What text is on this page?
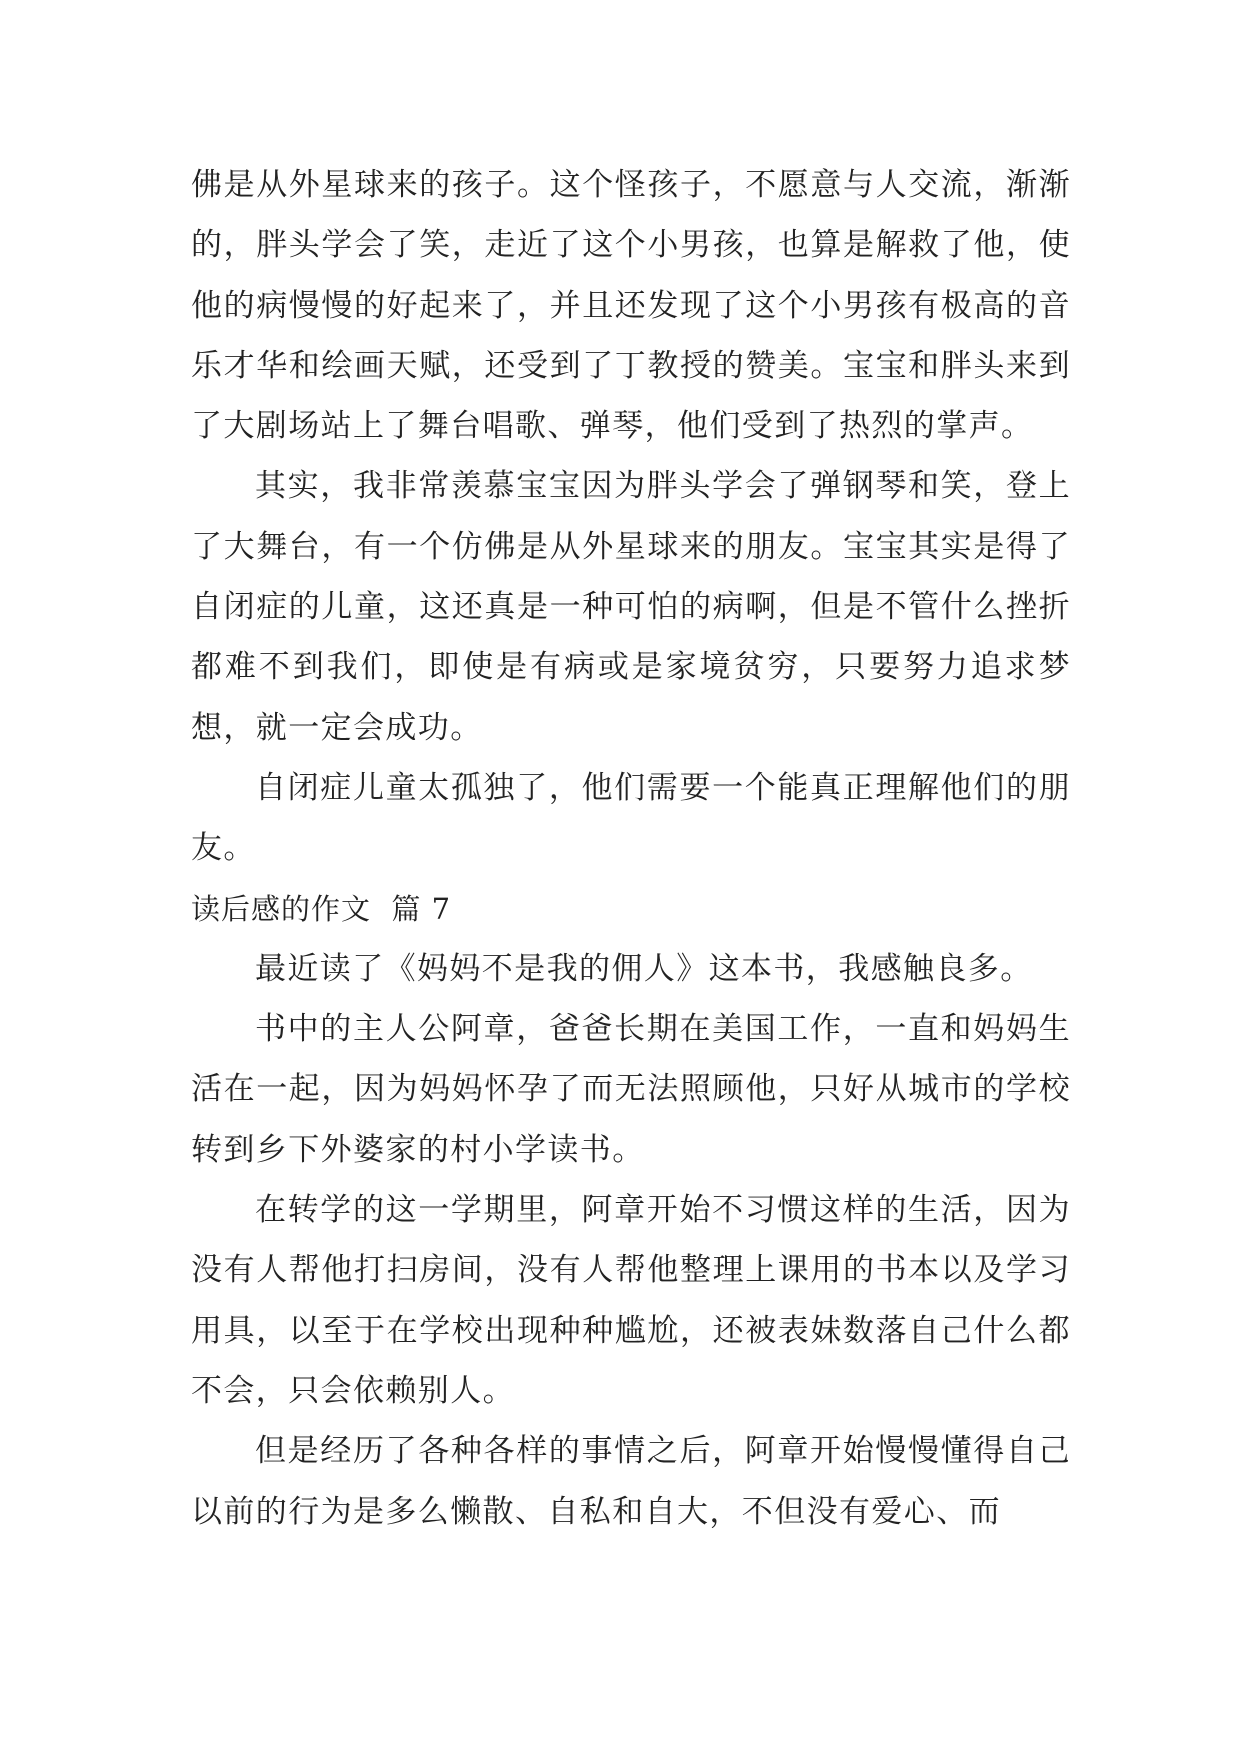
佛是从外星球来的孩子。这个怪孩子，不愿意与人交流，渐渐的，胖头学会了笑，走近了这个小男孩，也算是解救了他，使他的病慢慢的好起来了，并且还发现了这个小男孩有极高的音乐才华和绘画天赋，还受到了丁教授的赞美。宝宝和胖头来到了大剧场站上了舞台唱歌、弹琴，他们受到了热烈的掌声。

其实，我非常羡慕宝宝因为胖头学会了弹钢琴和笑，登上了大舞台，有一个仿佛是从外星球来的朋友。宝宝其实是得了自闭症的儿童，这还真是一种可怕的病啊，但是不管什么挫折都难不到我们，即使是有病或是家境贫穷，只要努力追求梦想，就一定会成功。

自闭症儿童太孤独了，他们需要一个能真正理解他们的朋友。

读后感的作文  篇 7

最近读了《妈妈不是我的佣人》这本书，我感触良多。

书中的主人公阿章，爸爸长期在美国工作，一直和妈妈生活在一起，因为妈妈怀孕了而无法照顾他，只好从城市的学校转到乡下外婆家的村小学读书。

在转学的这一学期里，阿章开始不习惯这样的生活，因为没有人帮他打扫房间，没有人帮他整理上课用的书本以及学习用具，以至于在学校出现种种尴尬，还被表妹数落自己什么都不会，只会依赖别人。

但是经历了各种各样的事情之后，阿章开始慢慢懂得自己以前的行为是多么懒散、自私和自大，不但没有爱心、而
